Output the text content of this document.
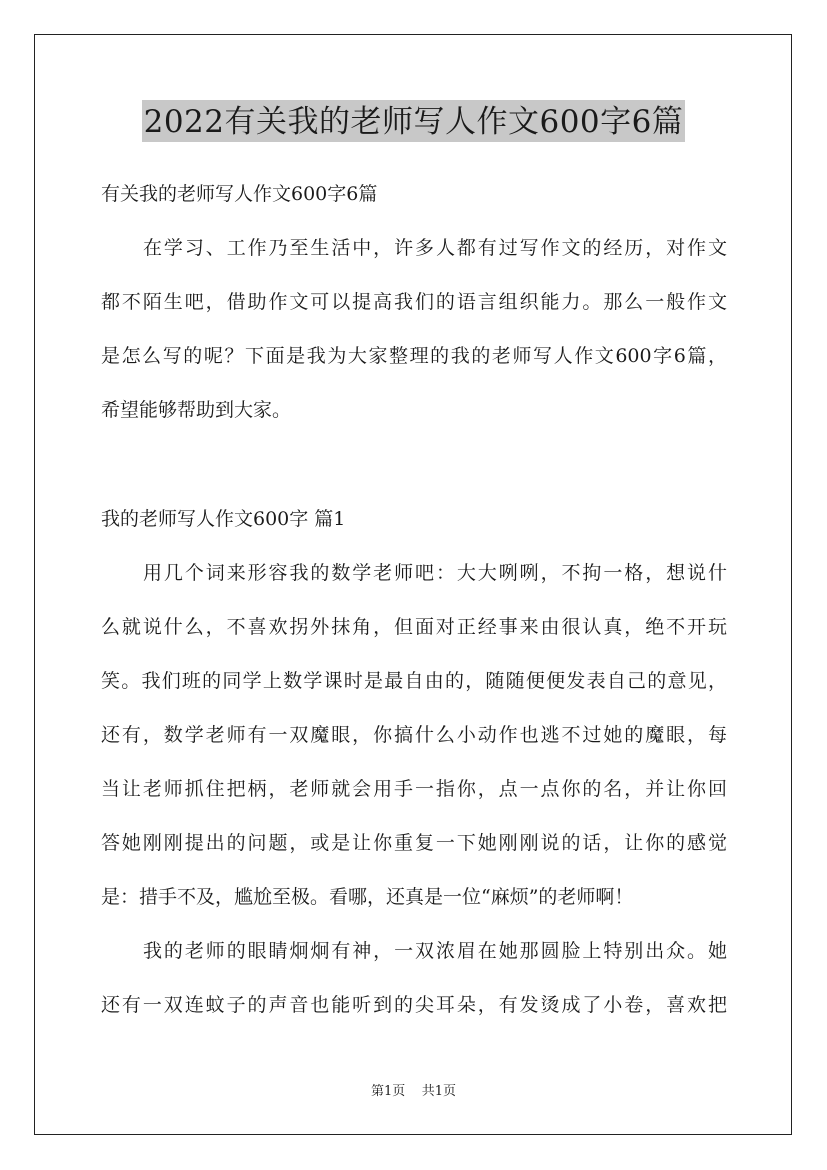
2022有关我的老师写人作文600字6篇
有关我的老师写人作文600字6篇
在学习、工作乃至生活中，许多人都有过写作文的经历，对作文
都不陌生吧，借助作文可以提高我们的语言组织能力。那么一般作文
是怎么写的呢？下面是我为大家整理的我的老师写人作文600字6篇，
希望能够帮助到大家。
我的老师写人作文600字 篇1
用几个词来形容我的数学老师吧：大大咧咧，不拘一格，想说什
么就说什么，不喜欢拐外抹角，但面对正经事来由很认真，绝不开玩
笑。我们班的同学上数学课时是最自由的，随随便便发表自己的意见，
还有，数学老师有一双魔眼，你搞什么小动作也逃不过她的魔眼，每
当让老师抓住把柄，老师就会用手一指你，点一点你的名，并让你回
答她刚刚提出的问题，或是让你重复一下她刚刚说的话，让你的感觉
是：措手不及，尴尬至极。看哪，还真是一位“麻烦”的老师啊！
我的老师的眼睛炯炯有神，一双浓眉在她那圆脸上特别出众。她
还有一双连蚊子的声音也能听到的尖耳朵，有发烫成了小卷，喜欢把
第1页 共1页
